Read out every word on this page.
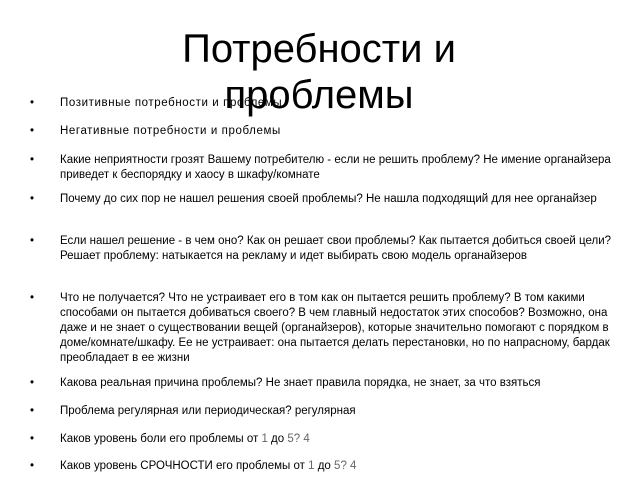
Потребности и
проблемы
• Позитивные потребности и проблемы
• Негативные потребности и проблемы
• Какие неприятности грозят Вашему потребителю - если не решить проблему? Не имение органайзера приведет к беспорядку и хаосу в шкафу/комнате
• Почему до сих пор не нашел решения своей проблемы? Не нашла подходящий для нее органайзер
• Если нашел решение - в чем оно? Как он решает свои проблемы? Как пытается добиться своей цели? Решает проблему: натыкается на рекламу и идет выбирать свою модель органайзеров
• Что не получается? Что не устраивает его в том как он пытается решить проблему? В том какими способами он пытается добиваться своего? В чем главный недостаток этих способов? Возможно, она даже и не знает о существовании вещей (органайзеров), которые значительно помогают с порядком в доме/комнате/шкафу. Ее не устраивает: она пытается делать перестановки, но по напрасному, бардак преобладает в ее жизни
• Какова реальная причина проблемы? Не знает правила порядка, не знает, за что взяться
• Проблема регулярная или периодическая? регулярная
• Каков уровень боли его проблемы от 1 до 5? 4
• Каков уровень СРОЧНОСТИ его проблемы от 1 до 5? 4
